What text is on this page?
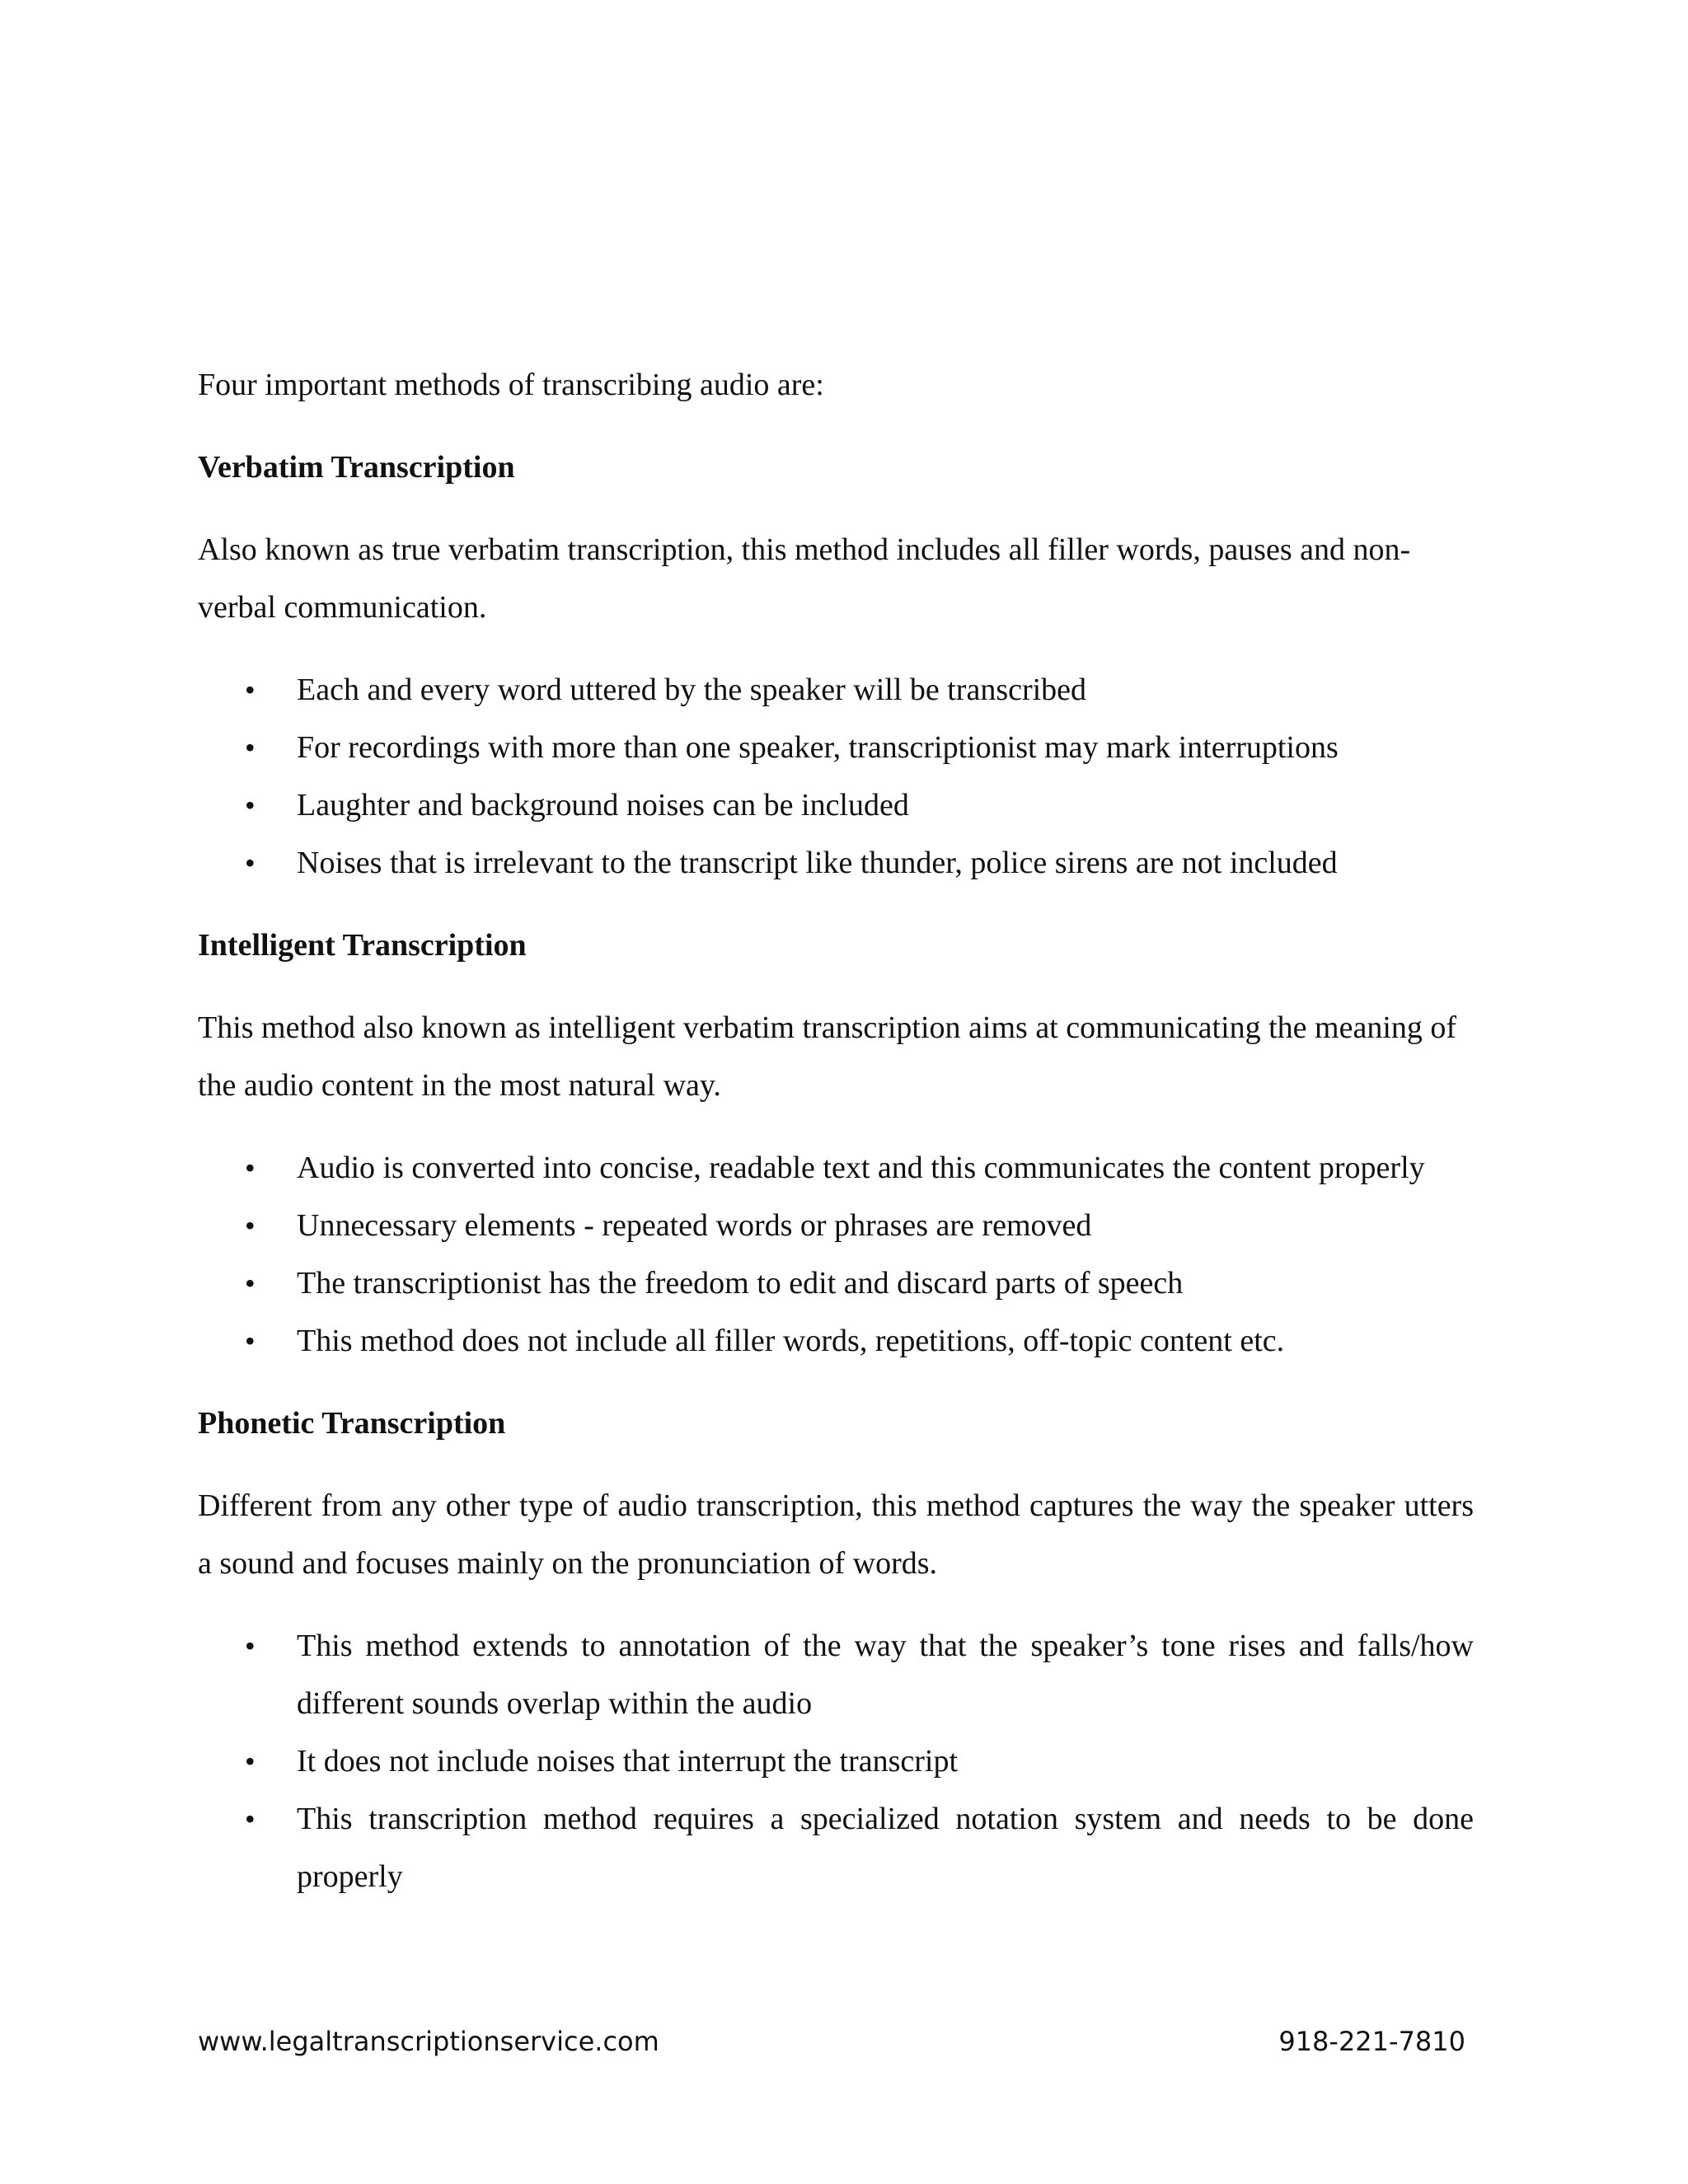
Four important methods of transcribing audio are:

Verbatim Transcription

Also known as true verbatim transcription, this method includes all filler words, pauses and non-verbal communication.

• Each and every word uttered by the speaker will be transcribed
• For recordings with more than one speaker, transcriptionist may mark interruptions
• Laughter and background noises can be included
• Noises that is irrelevant to the transcript like thunder, police sirens are not included
Intelligent Transcription

This method also known as intelligent verbatim transcription aims at communicating the meaning of the audio content in the most natural way.

• Audio is converted into concise, readable text and this communicates the content properly
• Unnecessary elements - repeated words or phrases are removed
• The transcriptionist has the freedom to edit and discard parts of speech
• This method does not include all filler words, repetitions, off-topic content etc.
Phonetic Transcription

Different from any other type of audio transcription, this method captures the way the speaker utters a sound and focuses mainly on the pronunciation of words.

• This method extends to annotation of the way that the speaker’s tone rises and falls/how different sounds overlap within the audio
• It does not include noises that interrupt the transcript
• This transcription method requires a specialized notation system and needs to be done properly
www.legaltranscriptionservice.com	918-221-7810
